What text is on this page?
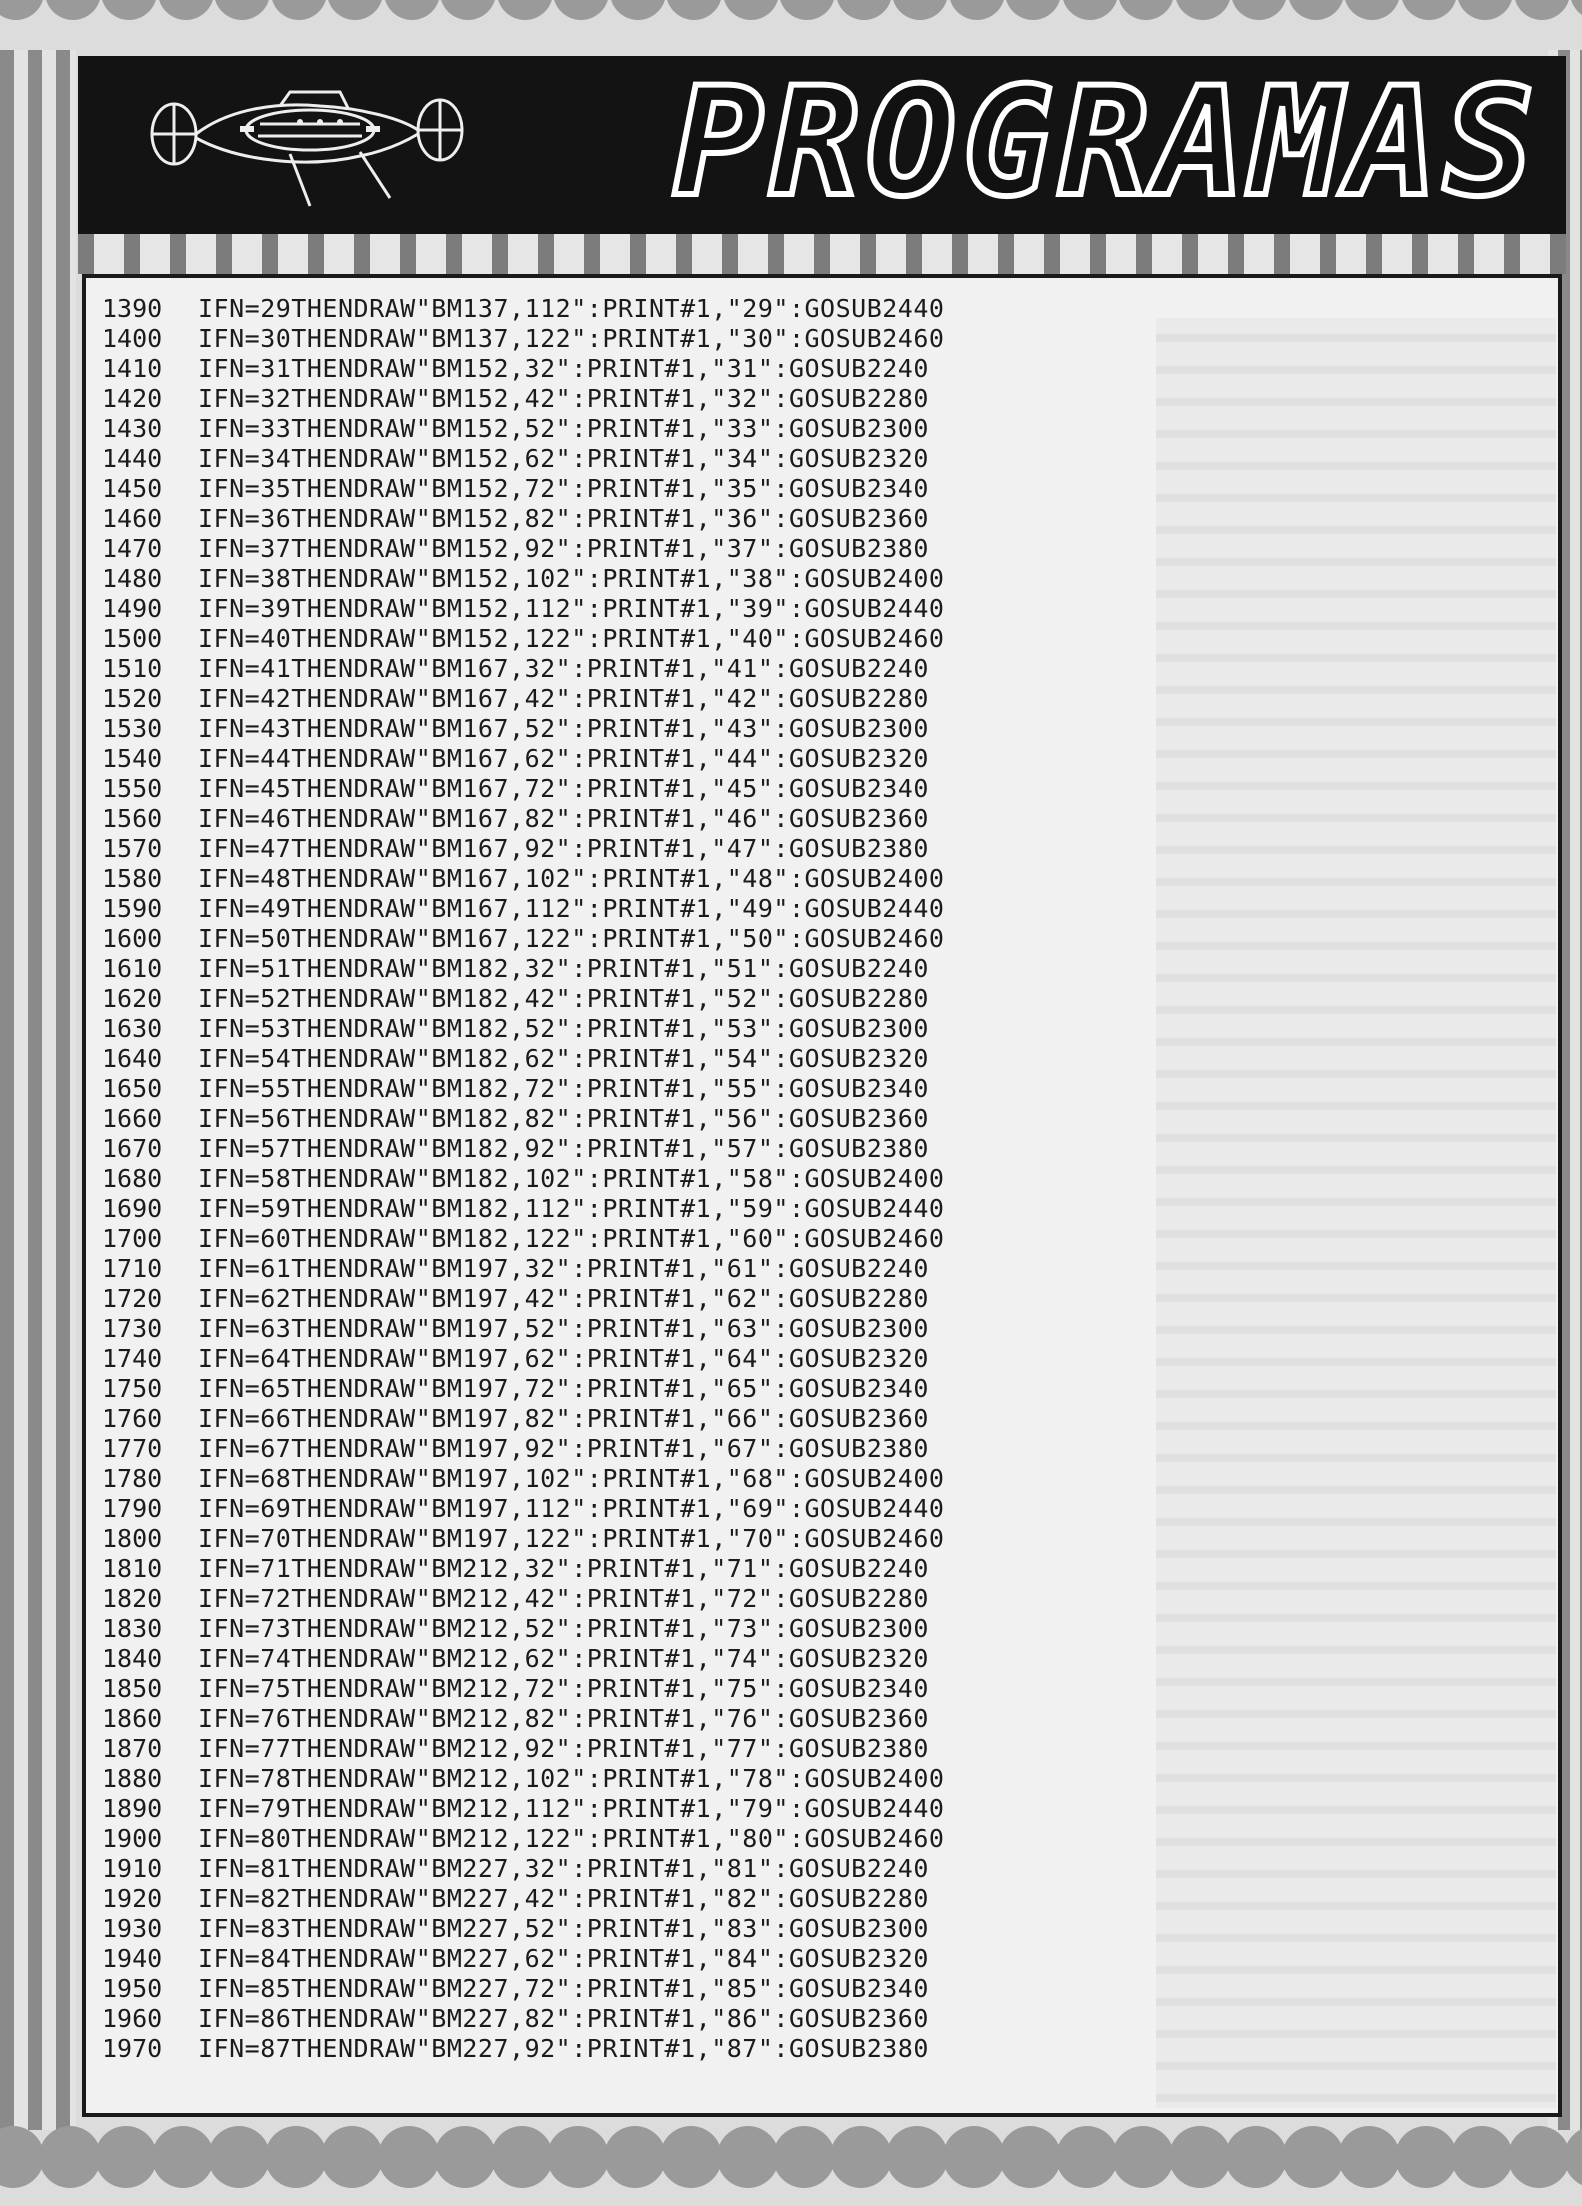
PROGRAMAS
1390	IFN=29THENDRAW"BM137,112":PRINT#1,"29":GOSUB2440
1400	IFN=30THENDRAW"BM137,122":PRINT#1,"30":GOSUB2460
1410	IFN=31THENDRAW"BM152,32":PRINT#1,"31":GOSUB2240
1420	IFN=32THENDRAW"BM152,42":PRINT#1,"32":GOSUB2280
1430	IFN=33THENDRAW"BM152,52":PRINT#1,"33":GOSUB2300
1440	IFN=34THENDRAW"BM152,62":PRINT#1,"34":GOSUB2320
1450	IFN=35THENDRAW"BM152,72":PRINT#1,"35":GOSUB2340
1460	IFN=36THENDRAW"BM152,82":PRINT#1,"36":GOSUB2360
1470	IFN=37THENDRAW"BM152,92":PRINT#1,"37":GOSUB2380
1480	IFN=38THENDRAW"BM152,102":PRINT#1,"38":GOSUB2400
1490	IFN=39THENDRAW"BM152,112":PRINT#1,"39":GOSUB2440
1500	IFN=40THENDRAW"BM152,122":PRINT#1,"40":GOSUB2460
1510	IFN=41THENDRAW"BM167,32":PRINT#1,"41":GOSUB2240
1520	IFN=42THENDRAW"BM167,42":PRINT#1,"42":GOSUB2280
1530	IFN=43THENDRAW"BM167,52":PRINT#1,"43":GOSUB2300
1540	IFN=44THENDRAW"BM167,62":PRINT#1,"44":GOSUB2320
1550	IFN=45THENDRAW"BM167,72":PRINT#1,"45":GOSUB2340
1560	IFN=46THENDRAW"BM167,82":PRINT#1,"46":GOSUB2360
1570	IFN=47THENDRAW"BM167,92":PRINT#1,"47":GOSUB2380
1580	IFN=48THENDRAW"BM167,102":PRINT#1,"48":GOSUB2400
1590	IFN=49THENDRAW"BM167,112":PRINT#1,"49":GOSUB2440
1600	IFN=50THENDRAW"BM167,122":PRINT#1,"50":GOSUB2460
1610	IFN=51THENDRAW"BM182,32":PRINT#1,"51":GOSUB2240
1620	IFN=52THENDRAW"BM182,42":PRINT#1,"52":GOSUB2280
1630	IFN=53THENDRAW"BM182,52":PRINT#1,"53":GOSUB2300
1640	IFN=54THENDRAW"BM182,62":PRINT#1,"54":GOSUB2320
1650	IFN=55THENDRAW"BM182,72":PRINT#1,"55":GOSUB2340
1660	IFN=56THENDRAW"BM182,82":PRINT#1,"56":GOSUB2360
1670	IFN=57THENDRAW"BM182,92":PRINT#1,"57":GOSUB2380
1680	IFN=58THENDRAW"BM182,102":PRINT#1,"58":GOSUB2400
1690	IFN=59THENDRAW"BM182,112":PRINT#1,"59":GOSUB2440
1700	IFN=60THENDRAW"BM182,122":PRINT#1,"60":GOSUB2460
1710	IFN=61THENDRAW"BM197,32":PRINT#1,"61":GOSUB2240
1720	IFN=62THENDRAW"BM197,42":PRINT#1,"62":GOSUB2280
1730	IFN=63THENDRAW"BM197,52":PRINT#1,"63":GOSUB2300
1740	IFN=64THENDRAW"BM197,62":PRINT#1,"64":GOSUB2320
1750	IFN=65THENDRAW"BM197,72":PRINT#1,"65":GOSUB2340
1760	IFN=66THENDRAW"BM197,82":PRINT#1,"66":GOSUB2360
1770	IFN=67THENDRAW"BM197,92":PRINT#1,"67":GOSUB2380
1780	IFN=68THENDRAW"BM197,102":PRINT#1,"68":GOSUB2400
1790	IFN=69THENDRAW"BM197,112":PRINT#1,"69":GOSUB2440
1800	IFN=70THENDRAW"BM197,122":PRINT#1,"70":GOSUB2460
1810	IFN=71THENDRAW"BM212,32":PRINT#1,"71":GOSUB2240
1820	IFN=72THENDRAW"BM212,42":PRINT#1,"72":GOSUB2280
1830	IFN=73THENDRAW"BM212,52":PRINT#1,"73":GOSUB2300
1840	IFN=74THENDRAW"BM212,62":PRINT#1,"74":GOSUB2320
1850	IFN=75THENDRAW"BM212,72":PRINT#1,"75":GOSUB2340
1860	IFN=76THENDRAW"BM212,82":PRINT#1,"76":GOSUB2360
1870	IFN=77THENDRAW"BM212,92":PRINT#1,"77":GOSUB2380
1880	IFN=78THENDRAW"BM212,102":PRINT#1,"78":GOSUB2400
1890	IFN=79THENDRAW"BM212,112":PRINT#1,"79":GOSUB2440
1900	IFN=80THENDRAW"BM212,122":PRINT#1,"80":GOSUB2460
1910	IFN=81THENDRAW"BM227,32":PRINT#1,"81":GOSUB2240
1920	IFN=82THENDRAW"BM227,42":PRINT#1,"82":GOSUB2280
1930	IFN=83THENDRAW"BM227,52":PRINT#1,"83":GOSUB2300
1940	IFN=84THENDRAW"BM227,62":PRINT#1,"84":GOSUB2320
1950	IFN=85THENDRAW"BM227,72":PRINT#1,"85":GOSUB2340
1960	IFN=86THENDRAW"BM227,82":PRINT#1,"86":GOSUB2360
1970	IFN=87THENDRAW"BM227,92":PRINT#1,"87":GOSUB2380
